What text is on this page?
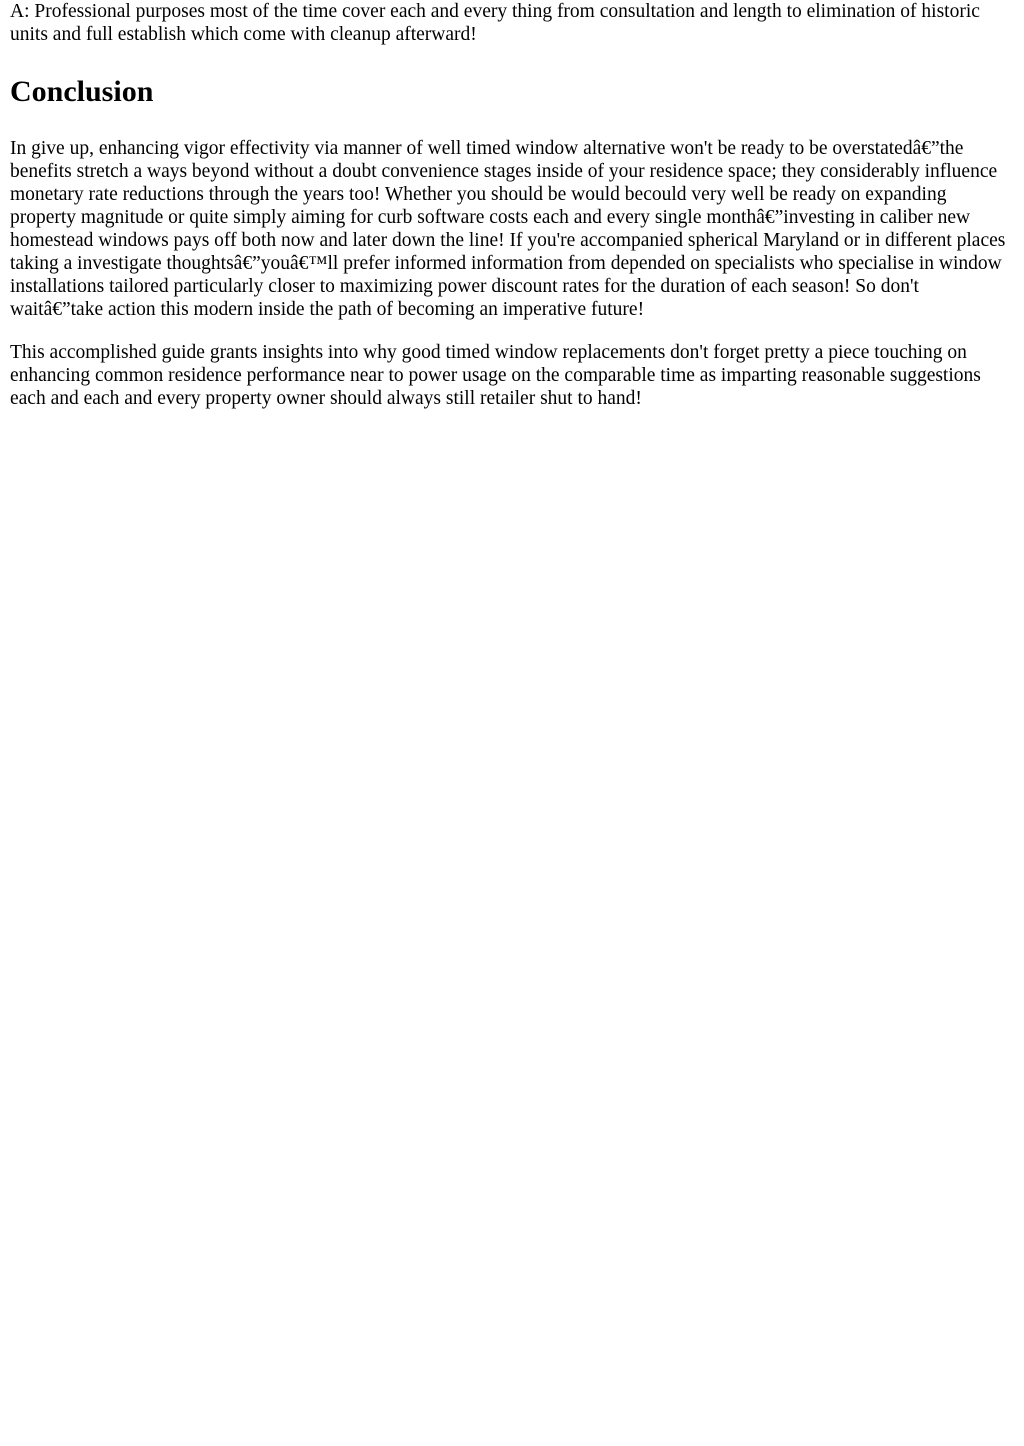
A: Professional purposes most of the time cover each and every thing from consultation and length to elimination of historic units and full establish which come with cleanup afterward!

Conclusion

In give up, enhancing vigor effectivity via manner of well timed window alternative won't be ready to be overstatedâ€”the benefits stretch a ways beyond without a doubt convenience stages inside of your residence space; they considerably influence monetary rate reductions through the years too! Whether you should be would becould very well be ready on expanding property magnitude or quite simply aiming for curb software costs each and every single monthâ€”investing in caliber new homestead windows pays off both now and later down the line! If you're accompanied spherical Maryland or in different places taking a investigate thoughtsâ€”youâ€™ll prefer informed information from depended on specialists who specialise in window installations tailored particularly closer to maximizing power discount rates for the duration of each season! So don't waitâ€”take action this modern inside the path of becoming an imperative future!

This accomplished guide grants insights into why good timed window replacements don't forget pretty a piece touching on enhancing common residence performance near to power usage on the comparable time as imparting reasonable suggestions each and each and every property owner should always still retailer shut to hand!
